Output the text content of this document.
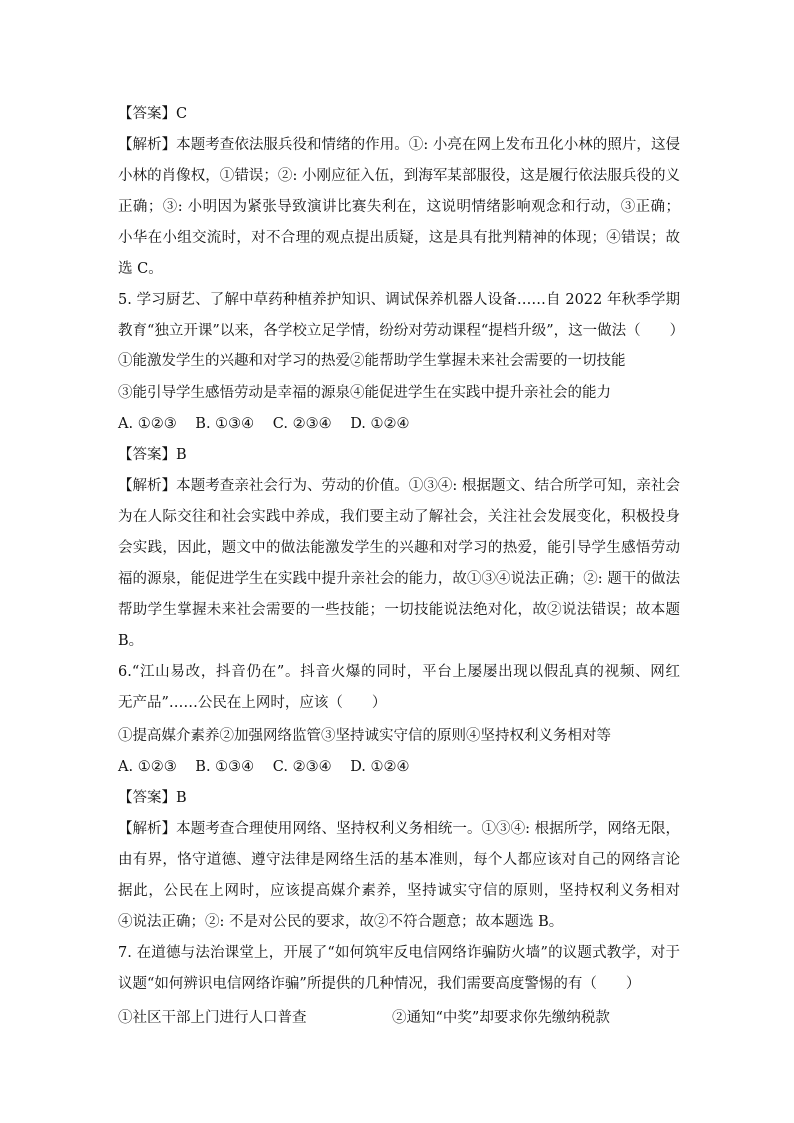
【答案】C
【解析】本题考查依法服兵役和情绪的作用。①: 小亮在网上发布丑化小林的照片，这侵
小林的肖像权，①错误；②: 小刚应征入伍，到海军某部服役，这是履行依法服兵役的义
正确；③: 小明因为紧张导致演讲比赛失利在，这说明情绪影响观念和行动，③正确；
小华在小组交流时，对不合理的观点提出质疑，这是具有批判精神的体现；④错误；故
选 C。
5. 学习厨艺、了解中草药种植养护知识、调试保养机器人设备……自 2022 年秋季学期
教育“独立开课”以来，各学校立足学情，纷纷对劳动课程“提档升级”，这一做法（　　）
①能激发学生的兴趣和对学习的热爱②能帮助学生掌握未来社会需要的一切技能
③能引导学生感悟劳动是幸福的源泉④能促进学生在实践中提升亲社会的能力
A. ①②③ B. ①③④ C. ②③④ D. ①②④
【答案】B
【解析】本题考查亲社会行为、劳动的价值。①③④: 根据题文、结合所学可知，亲社会
为在人际交往和社会实践中养成，我们要主动了解社会，关注社会发展变化，积极投身
会实践，因此，题文中的做法能激发学生的兴趣和对学习的热爱，能引导学生感悟劳动
福的源泉，能促进学生在实践中提升亲社会的能力，故①③④说法正确；②: 题干的做法
帮助学生掌握未来社会需要的一些技能；一切技能说法绝对化，故②说法错误；故本题
B。
6.“江山易改，抖音仍在”。抖音火爆的同时，平台上屡屡出现以假乱真的视频、网红
无产品”……公民在上网时，应该（　　）
①提高媒介素养②加强网络监管③坚持诚实守信的原则④坚持权利义务相对等
A. ①②③ B. ①③④ C. ②③④ D. ①②④
【答案】B
【解析】本题考查合理使用网络、坚持权利义务相统一。①③④: 根据所学，网络无限，
由有界，恪守道德、遵守法律是网络生活的基本准则，每个人都应该对自己的网络言论
据此，公民在上网时，应该提高媒介素养，坚持诚实守信的原则，坚持权利义务相对
④说法正确；②: 不是对公民的要求，故②不符合题意；故本题选 B。
7. 在道德与法治课堂上，开展了“如何筑牢反电信网络诈骗防火墙”的议题式教学，对于
议题“如何辨识电信网络诈骗”所提供的几种情况，我们需要高度警惕的有（　　）
①社区干部上门进行人口普查	②通知“中奖”却要求你先缴纳税款
